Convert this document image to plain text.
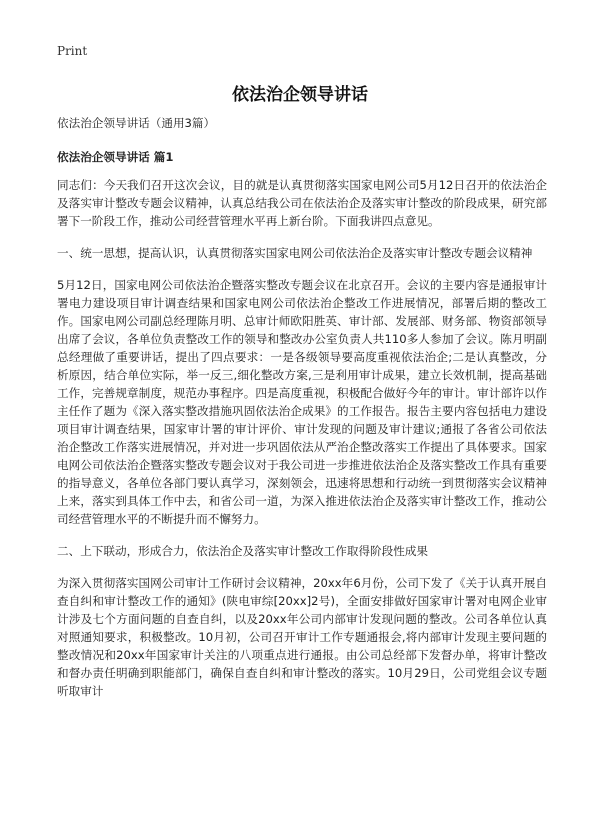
Print
依法治企领导讲话

依法治企领导讲话（通用3篇）

依法治企领导讲话 篇1

同志们：今天我们召开这次会议，目的就是认真贯彻落实国家电网公司5月12日召开的依法治企及落实审计整改专题会议精神，认真总结我公司在依法治企及落实审计整改的阶段成果，研究部署下一阶段工作，推动公司经营管理水平再上新台阶。下面我讲四点意见。

一、统一思想，提高认识，认真贯彻落实国家电网公司依法治企及落实审计整改专题会议精神

5月12日，国家电网公司依法治企暨落实整改专题会议在北京召开。会议的主要内容是通报审计署电力建设项目审计调查结果和国家电网公司依法治企整改工作进展情况，部署后期的整改工作。国家电网公司副总经理陈月明、总审计师欧阳胜英、审计部、发展部、财务部、物资部领导出席了会议，各单位负责整改工作的领导和整改办公室负责人共110多人参加了会议。陈月明副总经理做了重要讲话，提出了四点要求：一是各级领导要高度重视依法治企;二是认真整改，分析原因，结合单位实际，举一反三,细化整改方案,三是利用审计成果，建立长效机制，提高基础工作，完善规章制度，规范办事程序。四是高度重视，积极配合做好今年的审计。审计部许以作主任作了题为《深入落实整改措施巩固依法治企成果》的工作报告。报告主要内容包括电力建设项目审计调查结果，国家审计署的审计评价、审计发现的问题及审计建议;通报了各省公司依法治企整改工作落实进展情况，并对进一步巩固依法从严治企整改落实工作提出了具体要求。国家电网公司依法治企暨落实整改专题会议对于我公司进一步推进依法治企及落实整改工作具有重要的指导意义，各单位各部门要认真学习，深刻领会，迅速将思想和行动统一到贯彻落实会议精神上来，落实到具体工作中去，和省公司一道，为深入推进依法治企及落实审计整改工作，推动公司经营管理水平的不断提升而不懈努力。

二、上下联动，形成合力，依法治企及落实审计整改工作取得阶段性成果

为深入贯彻落实国网公司审计工作研讨会议精神，20xx年6月份，公司下发了《关于认真开展自查自纠和审计整改工作的通知》(陕电审综[20xx]2号)，全面安排做好国家审计署对电网企业审计涉及七个方面问题的自查自纠，以及20xx年公司内部审计发现问题的整改。公司各单位认真对照通知要求，积极整改。10月初，公司召开审计工作专题通报会,将内部审计发现主要问题的整改情况和20xx年国家审计关注的八项重点进行通报。由公司总经部下发督办单，将审计整改和督办责任明确到职能部门，确保自查自纠和审计整改的落实。10月29日，公司党组会议专题听取审计
